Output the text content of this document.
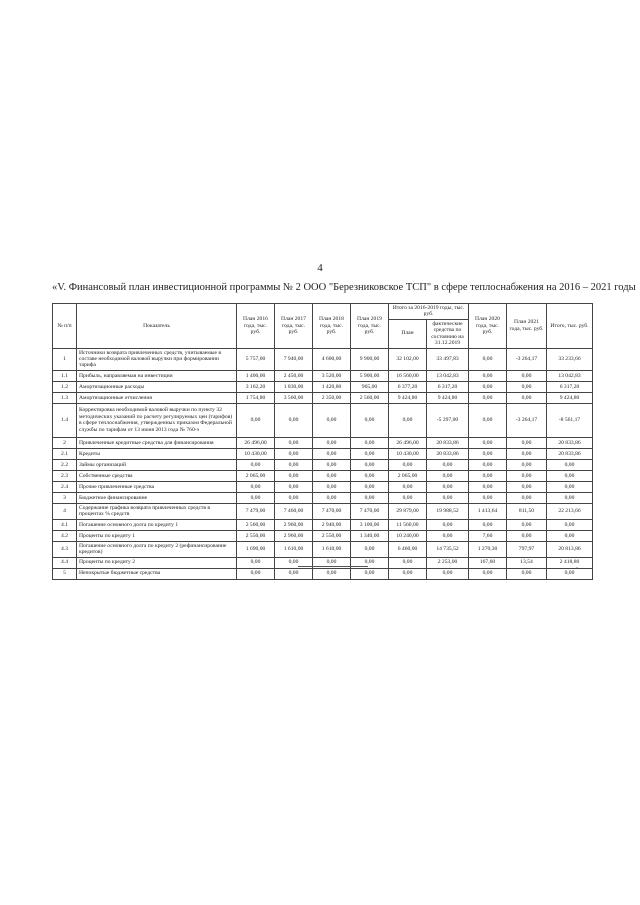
4
«V. Финансовый план инвестиционной программы № 2 ООО "Березниковское ТСП" в сфере теплоснабжения на 2016 – 2021 годы
№ п/п	Показатель	План 2016 года, тыс. руб.	План 2017 года, тыс. руб.	План 2018 года, тыс. руб.	План 2019 года, тыс. руб.	Итого за 2016-2019 годы, тыс. руб.		План 2020 года, тыс. руб.	План 2021 года, тыс. руб.	Итого, тыс. руб.
						План	фактические средства по состоянию на 31.12.2019			
1	Источники возврата привлеченных средств, учитываемые в составе необходимой валовой выручки при формировании тарифа	5 757,00	7 940,00	4 600,00	9 900,00	32 102,00	33 497,83	0,00	-3 264,17	33 233,66
1.1	Прибыль, направляемая на инвестиции	1 400,00	2 450,00	3 520,00	5 900,00	16 560,00	13 042,83	0,00	0,00	13 042,83
1.2	Амортизационные расходы	3 162,20	1 830,00	1 420,80	965,00	6 377,20	6 317,20	0,00	0,00	6 317,20
1.3	Амортизационные отчисления	1 754,80	3 560,00	2 350,00	2 560,00	9 424,80	9 424,80	0,00	0,00	9 424,80
1.4	Корректировка необходимой валовой выручки по пункту 32 методических указаний по расчету регулируемых цен (тарифов) в сфере теплоснабжения, утвержденных приказом Федеральной службы по тарифам от 13 июня 2013 года № 760-э	0,00	0,00	0,00	0,00	0,00	-5 297,00	0,00	-3 264,17	-8 561,17
2	Привлеченные кредитные средства для финансирования	26 496,00	0,00	0,00	0,00	26 496,00	20 833,86	0,00	0,00	20 833,86
2.1	Кредиты	10 430,00	0,00	0,00	0,00	10 430,00	20 833,86	0,00	0,00	20 833,86
2.2	Займы организаций	0,00	0,00	0,00	0,00	0,00	0,00	0,00	0,00	0,00
2.3	Собственные средства	2 065,00	0,00	0,00	0,00	2 065,00	0,00	0,00	0,00	0,00
2.4	Прочие привлеченные средства	0,00	0,00	0,00	0,00	0,00	0,00	0,00	0,00	0,00
3	Бюджетное финансирование	0,00	0,00	0,00	0,00	0,00	0,00	0,00	0,00	0,00
4	Содержание графика возврата привлеченных средств в процентах % средств	7 479,00	7 460,00	7 470,00	7 470,00	29 879,00	19 988,52	1 413,64	811,50	22 213,66
4.1	Погашение основного долга по кредиту 1	2 560,00	2 960,00	2 940,00	3 100,00	11 560,00	0,00	0,00	0,00	0,00
4.2	Проценты по кредиту 1	2 550,00	2 960,00	2 550,00	1 340,00	10 240,00	0,00	7,60	0,00	0,00
4.3	Погашение основного долга по кредиту 2 (рефинансирование кредитов)	1 690,00	1 610,00	1 610,00	0,00	6 460,00	14 735,52	1 270,30	797,97	20 813,86
4.4	Проценты по кредиту 2	0,00	0,00	0,00	0,00	0,00	2 253,00	167,60	13,54	2 418,80
5	Непокрытые бюджетные средства	0,00	0,00	0,00	0,00	0,00	0,00	0,00	0,00	0,00
».
